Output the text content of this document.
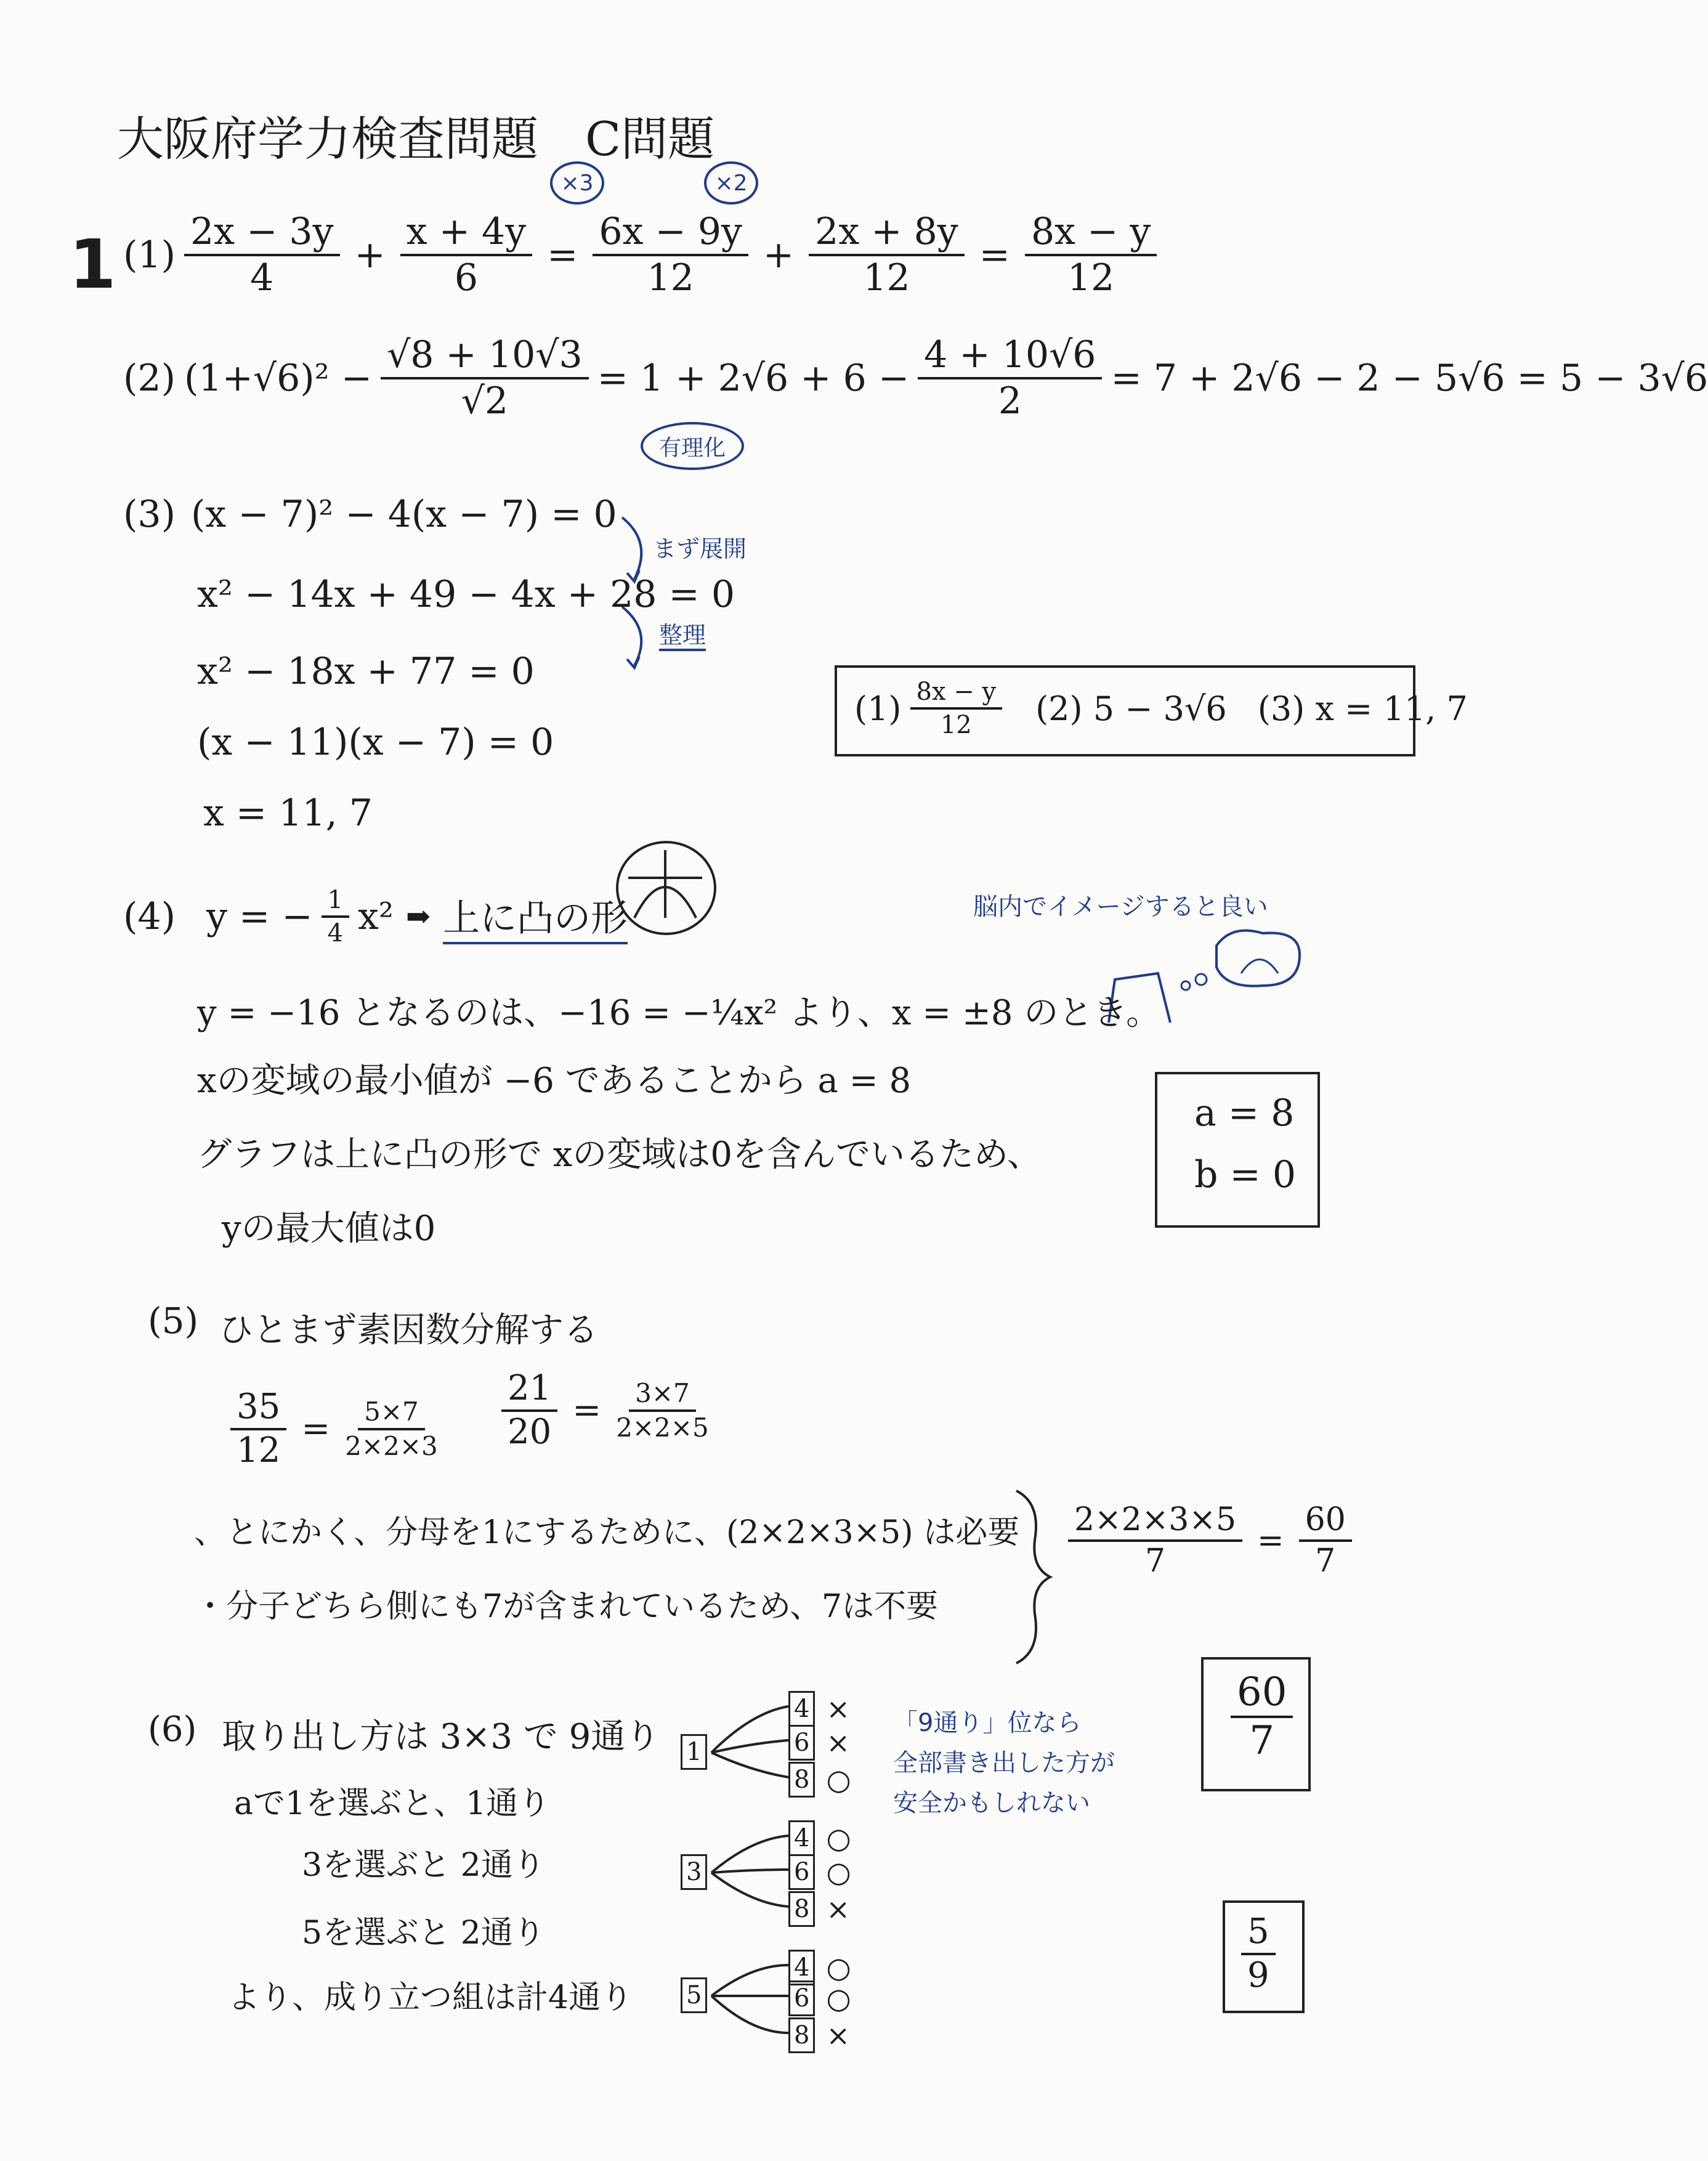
大阪府学力検査問題　C問題
1
×3	×2
$(1) \frac{2x - 3y}{4} + \frac{x + 4y}{6} = \frac{6x - 9y}{12} + \frac{2x + 8y}{12} = \frac{8x - y}{12}$
(2) $(1+√6)^2 - \frac{√8 + 10√3}{√2} = 1 + 2√6 + 6 - \frac{4 + 10√6}{2} = 7 + 2√6 - 2 - 5√6 = 5 - 3√6$
有理化
(3) (x − 7)² − 4(x − 7) = 0
x² − 14x + 49 − 4x + 28 = 0
x² − 18x + 77 = 0
(x − 11)(x − 7) = 0
x = 11, 7
まず展開
整理
$(1) \frac{8x - y}{12} (2) 5 - 3√6$ (3) x = 11, 7
(4) y = − $\frac{1}{4} x^2$ ➡ 上に凸の形	脳内でイメージすると良い
y = −16 となるのは、−16 = −¼x² より、x = ±8 のとき。
xの変域の最小値が −6 であることから a = 8
グラフは上に凸の形で xの変域は0を含んでいるため、
yの最大値は0
a = 8
b = 0
(5) ひとまず素因数分解する
$\frac{35}{12} = \frac{5\times 7}{2\times 2\times 3} \frac{21}{20} = \frac{3\times 7}{2\times 2\times 5}$
、とにかく、分母を1にするために、(2×2×3×5) は必要
・分子どちら側にも7が含まれているため、7は不要
$\frac{2\times 2\times 3\times 5}{7} = \frac{60}{7}$
$\frac{60}{7}$
(6) 取り出し方は 3×3 で 9通り
aで1を選ぶと、1通り
3を選ぶと 2通り
5を選ぶと 2通り
より、成り立つ組は計4通り
1
4 ×
6 ×
8 ○
3
4 ○
6 ○
8 ×
5
4 ○
6 ○
8 ×
「9通り」位なら
全部書き出した方が
安全かもしれない
$\frac{5}{9}$
